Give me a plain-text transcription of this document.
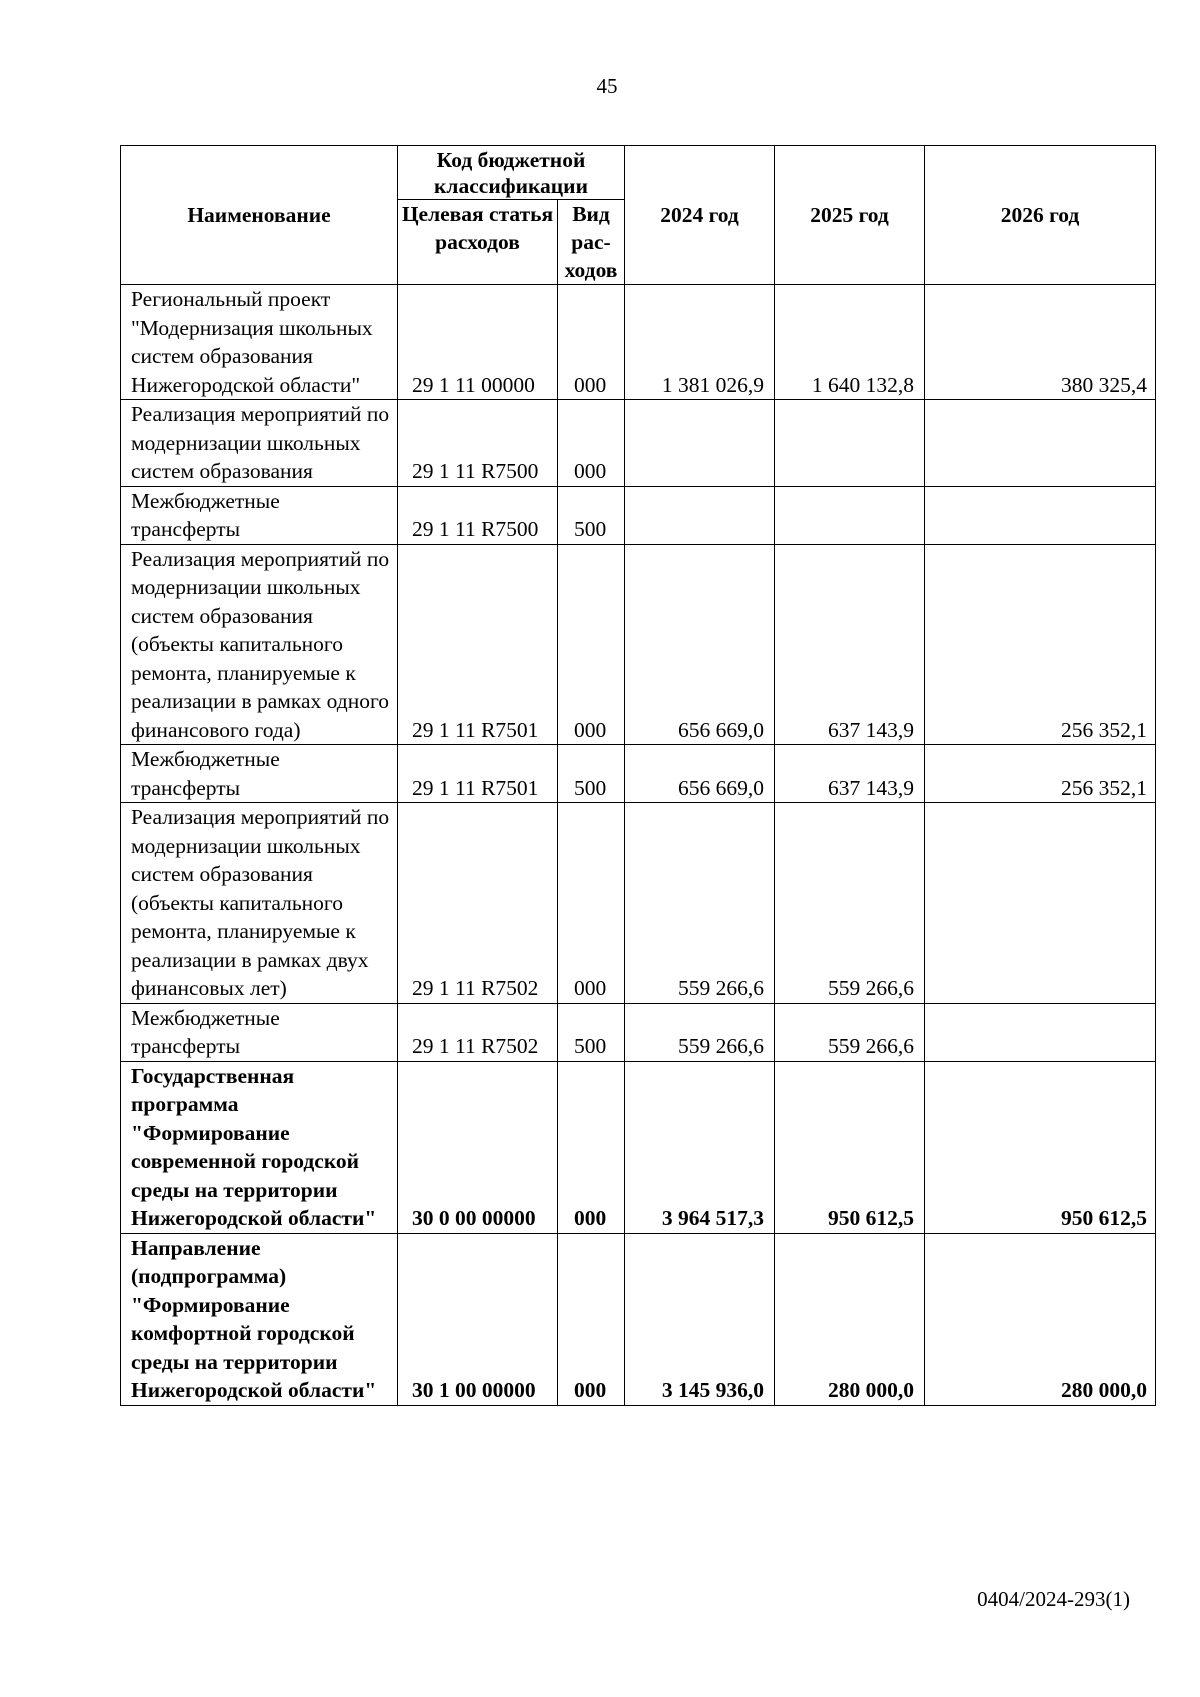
45
Наименование	Код бюджетной классификации		2024 год	2025 год	2026 год
	Целевая статья расходов	Вид рас-ходов			
Региональный проект "Модернизация школьных систем образования Нижегородской области"	29 1 11 00000	000	1 381 026,9	1 640 132,8	380 325,4
Реализация мероприятий по модернизации школьных систем образования	29 1 11 R7500	000			
Межбюджетные трансферты	29 1 11 R7500	500			
Реализация мероприятий по модернизации школьных систем образования (объекты капитального ремонта, планируемые к реализации в рамках одного финансового года)	29 1 11 R7501	000	656 669,0	637 143,9	256 352,1
Межбюджетные трансферты	29 1 11 R7501	500	656 669,0	637 143,9	256 352,1
Реализация мероприятий по модернизации школьных систем образования (объекты капитального ремонта, планируемые к реализации в рамках двух финансовых лет)	29 1 11 R7502	000	559 266,6	559 266,6	
Межбюджетные трансферты	29 1 11 R7502	500	559 266,6	559 266,6	
Государственная программа "Формирование современной городской среды на территории Нижегородской области"	30 0 00 00000	000	3 964 517,3	950 612,5	950 612,5
Направление (подпрограмма) "Формирование комфортной городской среды на территории Нижегородской области"	30 1 00 00000	000	3 145 936,0	280 000,0	280 000,0
0404/2024-293(1)
